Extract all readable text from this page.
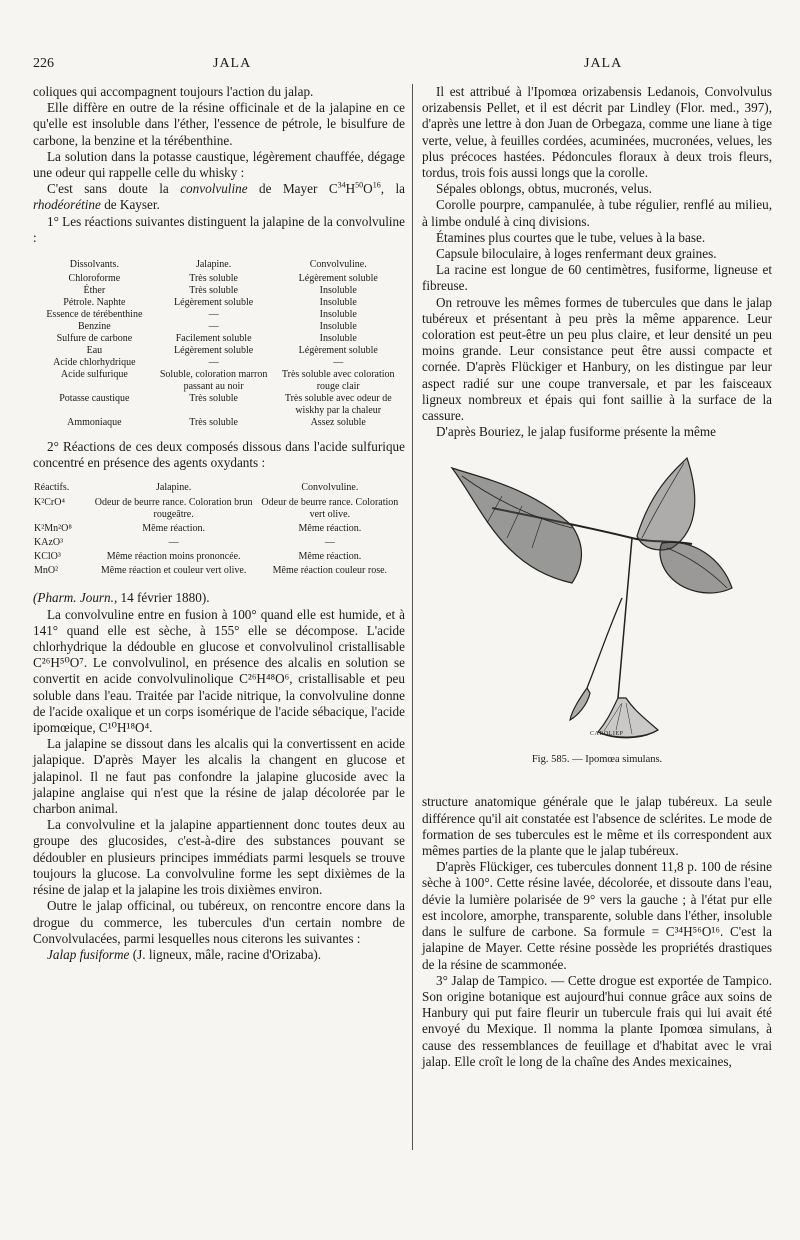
226	JALA	JALA

coliques qui accompagnent toujours l'action du jalap.

Elle diffère en outre de la résine officinale et de la jalapine en ce qu'elle est insoluble dans l'éther, l'essence de pétrole, le bisulfure de carbone, la benzine et la térébenthine.

La solution dans la potasse caustique, légèrement chauffée, dégage une odeur qui rappelle celle du whisky :

C'est sans doute la convolvuline de Mayer $C^{34}H^{50}O^{16}$, la rhodéorétine de Kayser.

1° Les réactions suivantes distinguent la jalapine de la convolvuline :

Dissolvants.	Jalapine.	Convolvuline.
Chloroforme	Très soluble	Légèrement soluble
Éther	Très soluble	Insoluble
Pétrole. Naphte	Légèrement soluble	Insoluble
Essence de térébenthine	—	Insoluble
Benzine	—	Insoluble
Sulfure de carbone	Facilement soluble	Insoluble
Eau	Légèrement soluble	Légèrement soluble
Acide chlorhydrique	—	—
Acide sulfurique	Soluble, coloration marron passant au noir	Très soluble avec coloration rouge clair
Potasse caustique	Très soluble	Très soluble avec odeur de wiskhy par la chaleur
Ammoniaque	Très soluble	Assez soluble

2° Réactions de ces deux composés dissous dans l'acide sulfurique concentré en présence des agents oxydants :

Réactifs.	Jalapine.	Convolvuline.
K²CrO⁴	Odeur de beurre rance. Coloration brun rougeâtre.	Odeur de beurre rance. Coloration vert olive.
K²Mn²O⁸	Même réaction.	Même réaction.
KAzO³	—	—
KClO³	Même réaction moins prononcée.	Même réaction.
MnO²	Même réaction et couleur vert olive.	Même réaction couleur rose.

(Pharm. Journ., 14 février 1880).

La convolvuline entre en fusion à 100° quand elle est humide, et à 141° quand elle est sèche, à 155° elle se décompose. L'acide chlorhydrique la dédouble en glucose et convolvulinol cristallisable C²⁶H⁵⁰O⁷. Le convolvulinol, en présence des alcalis en solution se convertit en acide convolvulinolique C²⁶H⁴⁸O⁶, cristallisable et peu soluble dans l'eau. Traitée par l'acide nitrique, la convolvuline donne de l'acide oxalique et un corps isomérique de l'acide sébacique, l'acide ipomœique, C¹⁰H¹⁸O⁴.

La jalapine se dissout dans les alcalis qui la convertissent en acide jalapique. D'après Mayer les alcalis la changent en glucose et jalapinol. Il ne faut pas confondre la jalapine glucoside avec la jalapine anglaise qui n'est que la résine de jalap décolorée par le charbon animal.

La convolvuline et la jalapine appartiennent donc toutes deux au groupe des glucosides, c'est-à-dire des substances pouvant se dédoubler en plusieurs principes immédiats parmi lesquels se trouve toujours la glucose. La convolvuline forme les sept dixièmes de la résine de jalap et la jalapine les trois dixièmes environ.

Outre le jalap officinal, ou tubéreux, on rencontre encore dans la drogue du commerce, les tubercules d'un certain nombre de Convolvulacées, parmi lesquelles nous citerons les suivantes :

Jalap fusiforme (J. ligneux, mâle, racine d'Orizaba).

Il est attribué à l'Ipomœa orizabensis Ledanois, Convolvulus orizabensis Pellet, et il est décrit par Lindley (Flor. med., 397), d'après une lettre à don Juan de Orbegaza, comme une liane à tige verte, velue, à feuilles cordées, acuminées, mucronées, velues, les plus précoces hastées. Pédoncules floraux à deux trois fleurs, tordus, trois fois aussi longs que la corolle.

Sépales oblongs, obtus, mucronés, velus.

Corolle pourpre, campanulée, à tube régulier, renflé au milieu, à limbe ondulé à cinq divisions.

Étamines plus courtes que le tube, velues à la base.

Capsule biloculaire, à loges renfermant deux graines.

La racine est longue de 60 centimètres, fusiforme, ligneuse et fibreuse.

On retrouve les mêmes formes de tubercules que dans le jalap tubéreux et présentant à peu près la même apparence. Leur coloration est peut-être un peu plus claire, et leur densité un peu moins grande. Leur consistance peut être aussi compacte et cornée. D'après Flückiger et Hanbury, on les distingue par leur aspect radié sur une coupe tranversale, et par les faisceaux ligneux nombreux et épais qui font saillie à la surface de la cassure.

D'après Bouriez, le jalap fusiforme présente la même

CAROLIEP
Fig. 585. — Ipomœa simulans.

structure anatomique générale que le jalap tubéreux. La seule différence qu'il ait constatée est l'absence de sclérites. Le mode de formation de ses tubercules est le même et ils correspondent aux mêmes parties de la plante que le jalap tubéreux.

D'après Flückiger, ces tubercules donnent 11,8 p. 100 de résine sèche à 100°. Cette résine lavée, décolorée, et dissoute dans l'eau, dévie la lumière polarisée de 9° vers la gauche ; à l'état pur elle est incolore, amorphe, transparente, soluble dans l'éther, insoluble dans le sulfure de carbone. Sa formule = C³⁴H⁵⁶O¹⁶. C'est la jalapine de Mayer. Cette résine possède les propriétés drastiques de la résine de scammonée.

3° Jalap de Tampico. — Cette drogue est exportée de Tampico. Son origine botanique est aujourd'hui connue grâce aux soins de Hanbury qui put faire fleurir un tubercule frais qui lui avait été envoyé du Mexique. Il nomma la plante Ipomœa simulans, à cause des ressemblances de feuillage et d'habitat avec le vrai jalap. Elle croît le long de la chaîne des Andes mexicaines,
